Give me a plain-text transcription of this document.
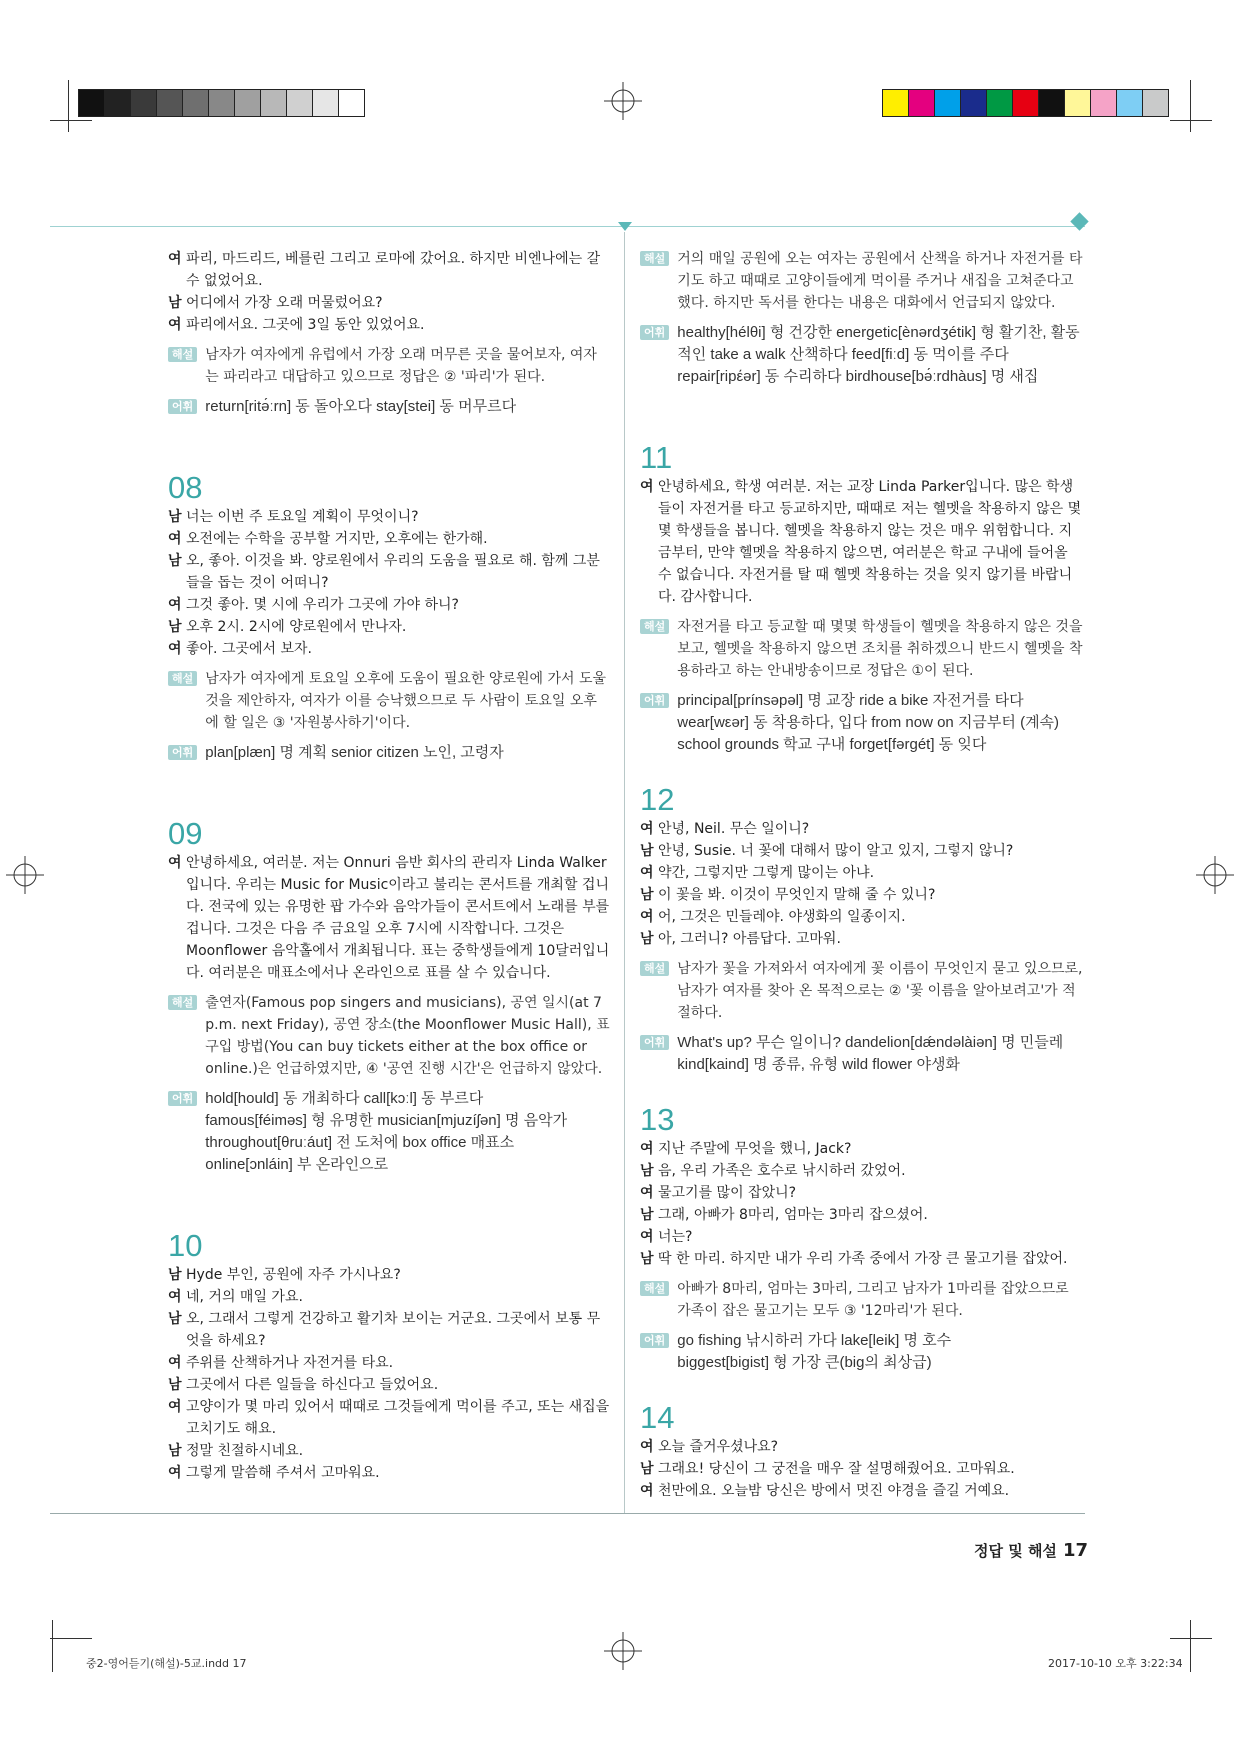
여 파리, 마드리드, 베를린 그리고 로마에 갔어요. 하지만 비엔나에는 갈 수 없었어요.
남 어디에서 가장 오래 머물렀어요?
여 파리에서요. 그곳에 3일 동안 있었어요.
해설 남자가 여자에게 유럽에서 가장 오래 머무른 곳을 물어보자, 여자는 파리라고 대답하고 있으므로 정답은 ② '파리'가 된다.
어휘 return[ritə́ːrn] 동 돌아오다 stay[stei] 동 머무르다
08
남 너는 이번 주 토요일 계획이 무엇이니?
여 오전에는 수학을 공부할 거지만, 오후에는 한가해.
남 오, 좋아. 이것을 봐. 양로원에서 우리의 도움을 필요로 해. 함께 그분들을 돕는 것이 어떠니?
여 그것 좋아. 몇 시에 우리가 그곳에 가야 하니?
남 오후 2시. 2시에 양로원에서 만나자.
여 좋아. 그곳에서 보자.
해설 남자가 여자에게 토요일 오후에 도움이 필요한 양로원에 가서 도울 것을 제안하자, 여자가 이를 승낙했으므로 두 사람이 토요일 오후에 할 일은 ③ '자원봉사하기'이다.
어휘 plan[plæn] 명 계획 senior citizen 노인, 고령자
09
여 안녕하세요, 여러분. 저는 Onnuri 음반 회사의 관리자 Linda Walker입니다. 우리는 Music for Music이라고 불리는 콘서트를 개최할 겁니다. 전국에 있는 유명한 팝 가수와 음악가들이 콘서트에서 노래를 부를 겁니다. 그것은 다음 주 금요일 오후 7시에 시작합니다. 그것은 Moonflower 음악홀에서 개최됩니다. 표는 중학생들에게 10달러입니다. 여러분은 매표소에서나 온라인으로 표를 살 수 있습니다.
해설 출연자(Famous pop singers and musicians), 공연 일시(at 7 p.m. next Friday), 공연 장소(the Moonflower Music Hall), 표 구입 방법(You can buy tickets either at the box office or online.)은 언급하였지만, ④ '공연 진행 시간'은 언급하지 않았다.
어휘 hold[hould] 동 개최하다 call[kɔːl] 동 부르다
famous[féiməs] 형 유명한 musician[mjuzíʃən] 명 음악가
throughout[θruːáut] 전 도처에 box office 매표소
online[ɔnláin] 부 온라인으로
10
남 Hyde 부인, 공원에 자주 가시나요?
여 네, 거의 매일 가요.
남 오, 그래서 그렇게 건강하고 활기차 보이는 거군요. 그곳에서 보통 무엇을 하세요?
여 주위를 산책하거나 자전거를 타요.
남 그곳에서 다른 일들을 하신다고 들었어요.
여 고양이가 몇 마리 있어서 때때로 그것들에게 먹이를 주고, 또는 새집을 고치기도 해요.
남 정말 친절하시네요.
여 그렇게 말씀해 주셔서 고마워요.
해설 거의 매일 공원에 오는 여자는 공원에서 산책을 하거나 자전거를 타기도 하고 때때로 고양이들에게 먹이를 주거나 새집을 고쳐준다고 했다. 하지만 독서를 한다는 내용은 대화에서 언급되지 않았다.
어휘 healthy[hélθi] 형 건강한 energetic[ènərdʒétik] 형 활기찬, 활동적인 take a walk 산책하다 feed[fiːd] 동 먹이를 주다
repair[ripέər] 동 수리하다 birdhouse[bə́ːrdhàus] 명 새집
11
여 안녕하세요, 학생 여러분. 저는 교장 Linda Parker입니다. 많은 학생들이 자전거를 타고 등교하지만, 때때로 저는 헬멧을 착용하지 않은 몇몇 학생들을 봅니다. 헬멧을 착용하지 않는 것은 매우 위험합니다. 지금부터, 만약 헬멧을 착용하지 않으면, 여러분은 학교 구내에 들어올 수 없습니다. 자전거를 탈 때 헬멧 착용하는 것을 잊지 않기를 바랍니다. 감사합니다.
해설 자전거를 타고 등교할 때 몇몇 학생들이 헬멧을 착용하지 않은 것을 보고, 헬멧을 착용하지 않으면 조치를 취하겠으니 반드시 헬멧을 착용하라고 하는 안내방송이므로 정답은 ①이 된다.
어휘 principal[prínsəpəl] 명 교장 ride a bike 자전거를 타다
wear[wεər] 동 착용하다, 입다 from now on 지금부터 (계속)
school grounds 학교 구내 forget[fərgét] 동 잊다
12
여 안녕, Neil. 무슨 일이니?
남 안녕, Susie. 너 꽃에 대해서 많이 알고 있지, 그렇지 않니?
여 약간, 그렇지만 그렇게 많이는 아냐.
남 이 꽃을 봐. 이것이 무엇인지 말해 줄 수 있니?
여 어, 그것은 민들레야. 야생화의 일종이지.
남 아, 그러니? 아름답다. 고마워.
해설 남자가 꽃을 가져와서 여자에게 꽃 이름이 무엇인지 묻고 있으므로, 남자가 여자를 찾아 온 목적으로는 ② '꽃 이름을 알아보려고'가 적절하다.
어휘 What's up? 무슨 일이니? dandelion[dǽndəlàiən] 명 민들레
kind[kaind] 명 종류, 유형 wild flower 야생화
13
여 지난 주말에 무엇을 했니, Jack?
남 음, 우리 가족은 호수로 낚시하러 갔었어.
여 물고기를 많이 잡았니?
남 그래, 아빠가 8마리, 엄마는 3마리 잡으셨어.
여 너는?
남 딱 한 마리. 하지만 내가 우리 가족 중에서 가장 큰 물고기를 잡았어.
해설 아빠가 8마리, 엄마는 3마리, 그리고 남자가 1마리를 잡았으므로 가족이 잡은 물고기는 모두 ③ '12마리'가 된다.
어휘 go fishing 낚시하러 가다 lake[leik] 명 호수
biggest[bigist] 형 가장 큰(big의 최상급)
14
여 오늘 즐거우셨나요?
남 그래요! 당신이 그 궁전을 매우 잘 설명해줬어요. 고마워요.
여 천만에요. 오늘밤 당신은 방에서 멋진 야경을 즐길 거예요.
정답 및 해설 17
중2-영어듣기(해설)-5교.indd 17	2017-10-10 오후 3:22:34
